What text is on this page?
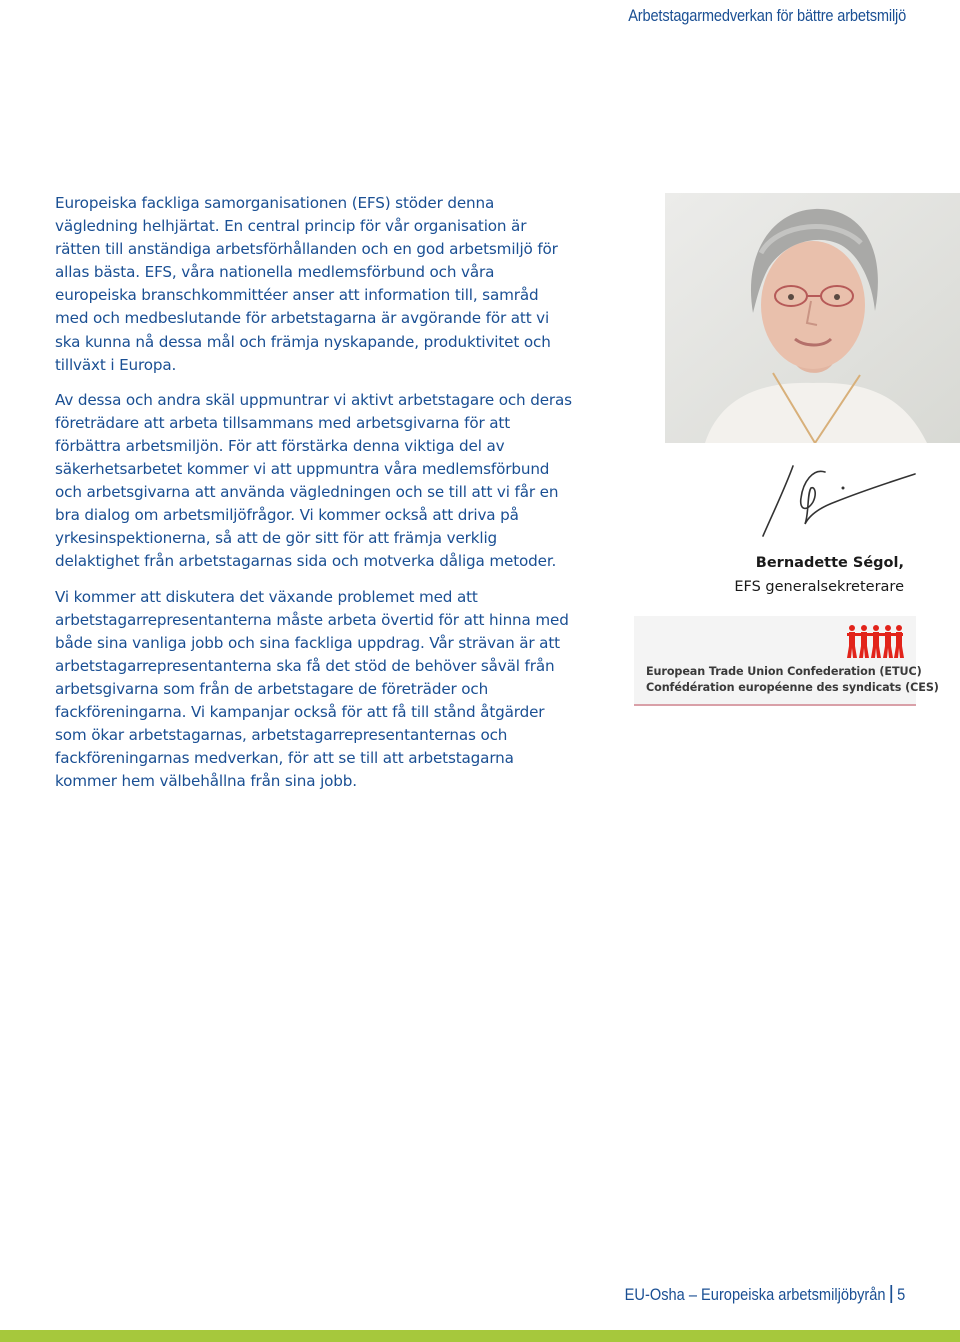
Arbetstagarmedverkan för bättre arbetsmiljö

Europeiska fackliga samorganisationen (EFS) stöder denna vägledning helhjärtat. En central princip för vår organisation är rätten till anständiga arbetsförhållanden och en god arbetsmiljö för allas bästa. EFS, våra nationella medlemsförbund och våra europeiska branschkommittéer anser att information till, samråd med och medbeslutande för arbetstagarna är avgörande för att vi ska kunna nå dessa mål och främja nyskapande, produktivitet och tillväxt i Europa.

Av dessa och andra skäl uppmuntrar vi aktivt arbetstagare och deras företrädare att arbeta tillsammans med arbetsgivarna för att förbättra arbetsmiljön. För att förstärka denna viktiga del av säkerhetsarbetet kommer vi att uppmuntra våra medlemsförbund och arbetsgivarna att använda vägledningen och se till att vi får en bra dialog om arbetsmiljöfrågor. Vi kommer också att driva på yrkesinspektionerna, så att de gör sitt för att främja verklig delaktighet från arbetstagarnas sida och motverka dåliga metoder.

Vi kommer att diskutera det växande problemet med att arbetstagarrepresentanterna måste arbeta övertid för att hinna med både sina vanliga jobb och sina fackliga uppdrag. Vår strävan är att arbetstagarrepresentanterna ska få det stöd de behöver såväl från arbetsgivarna som från de arbetstagare de företräder och fackföreningarna. Vi kampanjar också för att få till stånd åtgärder som ökar arbetstagarnas, arbetstagarrepresentanternas och fackföreningarnas medverkan, för att se till att arbetstagarna kommer hem välbehållna från sina jobb.

Bernadette Ségol,
EFS generalsekreterare
European Trade Union Confederation (ETUC)
Confédération européenne des syndicats (CES)
EU-Osha – Europeiska arbetsmiljöbyrån 5
